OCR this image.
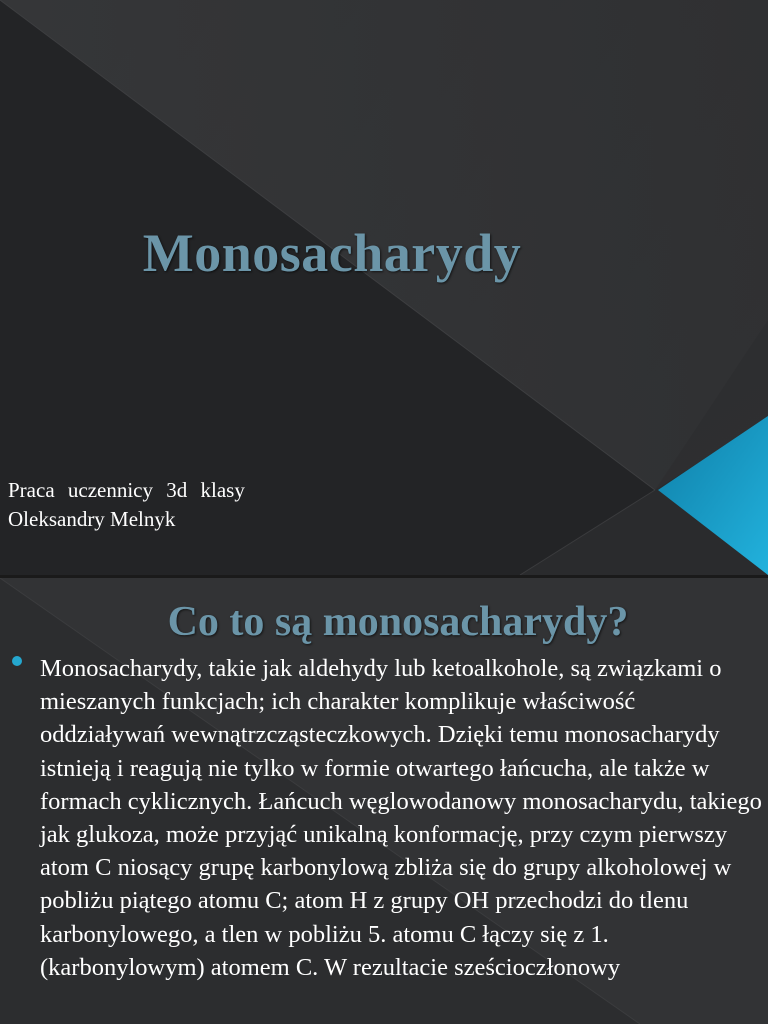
Monosacharydy
Praca uczennicy 3d klasy
Oleksandry Melnyk
Co to są monosacharydy?
Monosacharydy, takie jak aldehydy lub ketoalkohole, są związkami o mieszanych funkcjach; ich charakter komplikuje właściwość oddziaływań wewnątrzcząsteczkowych. Dzięki temu monosacharydy istnieją i reagują nie tylko w formie otwartego łańcucha, ale także w formach cyklicznych. Łańcuch węglowodanowy monosacharydu, takiego jak glukoza, może przyjąć unikalną konformację, przy czym pierwszy atom C niosący grupę karbonylową zbliża się do grupy alkoholowej w pobliżu piątego atomu C; atom H z grupy OH przechodzi do tlenu karbonylowego, a tlen w pobliżu 5. atomu C łączy się z 1. (karbonylowym) atomem C. W rezultacie sześcioczłonowy
